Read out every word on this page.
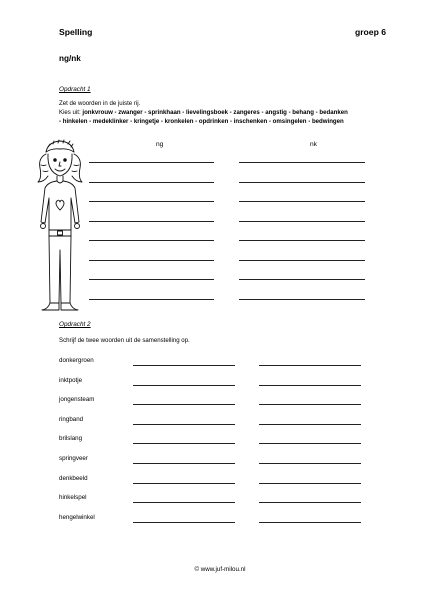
Spelling	groep 6
ng/nk
Opdracht 1
Zet de woorden in de juiste rij.
Kies uit: jonkvrouw - zwanger - sprinkhaan - lievelingsboek - zangeres - angstig - behang - bedanken
- hinkelen - medeklinker - kringetje - kronkelen - opdrinken - inschenken - omsingelen - bedwingen
ng	nk
Opdracht 2
Schrijf de twee woorden uit de samenstelling op.
donkergroen
inktpotje
jongensteam
ringband
brilslang
springveer
denkbeeld
hinkelspel
hengelwinkel
© www.juf-milou.nl
